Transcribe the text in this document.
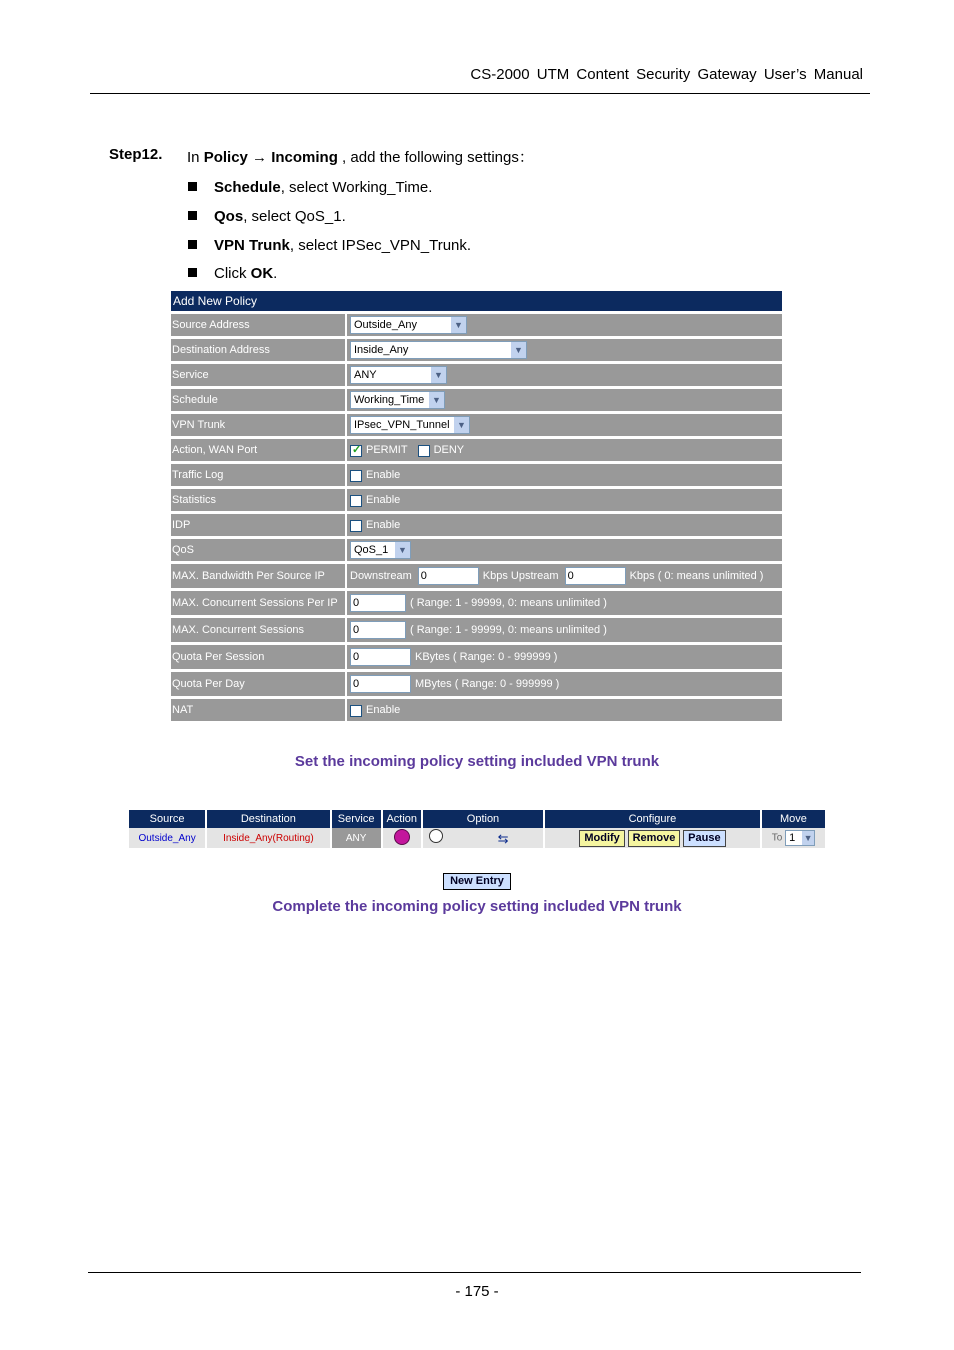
CS-2000 UTM Content Security Gateway User’s Manual
Step12. In Policy → Incoming , add the following settings：
Schedule, select Working_Time.
Qos, select QoS_1.
VPN Trunk, select IPSec_VPN_Trunk.
Click OK.
Add New Policy
Source Address	Outside_Any	▼
Destination Address	Inside_Any	▼
Service	ANY	▼
Schedule	Working_Time ▼
VPN Trunk	IPsec_VPN_Tunnel ▼
Action, WAN Port ✓	PERMIT DENY
Traffic Log	Enable
Statistics	Enable
IDP	Enable
QoS	QoS_1	▼
MAX. Bandwidth Per Source IP	Downstream 0	Kbps Upstream 0	Kbps ( 0: means unlimited )
MAX. Concurrent Sessions Per IP	0	( Range: 1 - 99999, 0: means unlimited )
MAX. Concurrent Sessions	0	( Range: 1 - 99999, 0: means unlimited )
Quota Per Session	0	KBytes ( Range: 0 - 999999 )
Quota Per Day	0	MBytes ( Range: 0 - 999999 )
NAT	Enable
Set the incoming policy setting included VPN trunk
Source	Destination	Service	Action	Option	Configure	Move
Outside_Any	Inside_Any(Routing)	ANY		⇆	Modify Remove Pause	To 1 ▼
New Entry
Complete the incoming policy setting included VPN trunk
- 175 -
